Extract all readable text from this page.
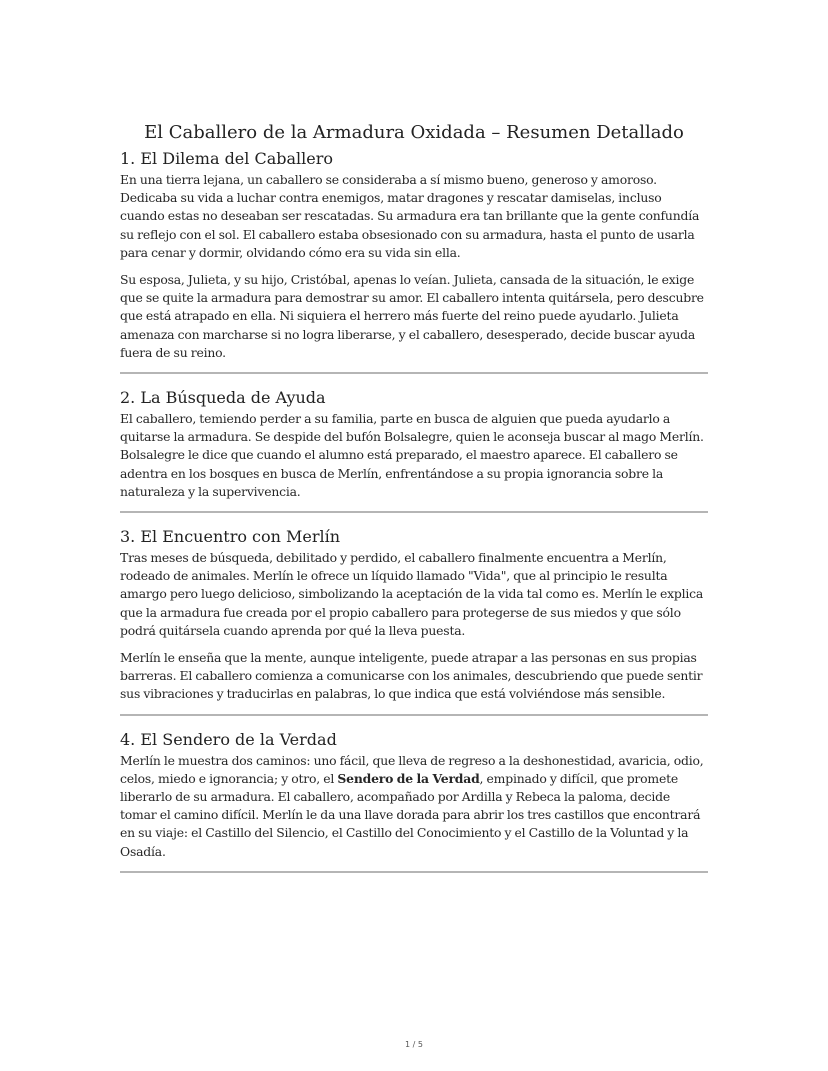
El Caballero de la Armadura Oxidada – Resumen Detallado
1. El Dilema del Caballero

En una tierra lejana, un caballero se consideraba a sí mismo bueno, generoso y amoroso. Dedicaba su vida a luchar contra enemigos, matar dragones y rescatar damiselas, incluso cuando estas no deseaban ser rescatadas. Su armadura era tan brillante que la gente confundía su reflejo con el sol. El caballero estaba obsesionado con su armadura, hasta el punto de usarla para cenar y dormir, olvidando cómo era su vida sin ella.

Su esposa, Julieta, y su hijo, Cristóbal, apenas lo veían. Julieta, cansada de la situación, le exige que se quite la armadura para demostrar su amor. El caballero intenta quitársela, pero descubre que está atrapado en ella. Ni siquiera el herrero más fuerte del reino puede ayudarlo. Julieta amenaza con marcharse si no logra liberarse, y el caballero, desesperado, decide buscar ayuda fuera de su reino.

2. La Búsqueda de Ayuda

El caballero, temiendo perder a su familia, parte en busca de alguien que pueda ayudarlo a quitarse la armadura. Se despide del bufón Bolsalegre, quien le aconseja buscar al mago Merlín. Bolsalegre le dice que cuando el alumno está preparado, el maestro aparece. El caballero se adentra en los bosques en busca de Merlín, enfrentándose a su propia ignorancia sobre la naturaleza y la supervivencia.

3. El Encuentro con Merlín

Tras meses de búsqueda, debilitado y perdido, el caballero finalmente encuentra a Merlín, rodeado de animales. Merlín le ofrece un líquido llamado "Vida", que al principio le resulta amargo pero luego delicioso, simbolizando la aceptación de la vida tal como es. Merlín le explica que la armadura fue creada por el propio caballero para protegerse de sus miedos y que sólo podrá quitársela cuando aprenda por qué la lleva puesta.

Merlín le enseña que la mente, aunque inteligente, puede atrapar a las personas en sus propias barreras. El caballero comienza a comunicarse con los animales, descubriendo que puede sentir sus vibraciones y traducirlas en palabras, lo que indica que está volviéndose más sensible.

4. El Sendero de la Verdad

Merlín le muestra dos caminos: uno fácil, que lleva de regreso a la deshonestidad, avaricia, odio, celos, miedo e ignorancia; y otro, el Sendero de la Verdad, empinado y difícil, que promete liberarlo de su armadura. El caballero, acompañado por Ardilla y Rebeca la paloma, decide tomar el camino difícil. Merlín le da una llave dorada para abrir los tres castillos que encontrará en su viaje: el Castillo del Silencio, el Castillo del Conocimiento y el Castillo de la Voluntad y la Osadía.

1 / 5
